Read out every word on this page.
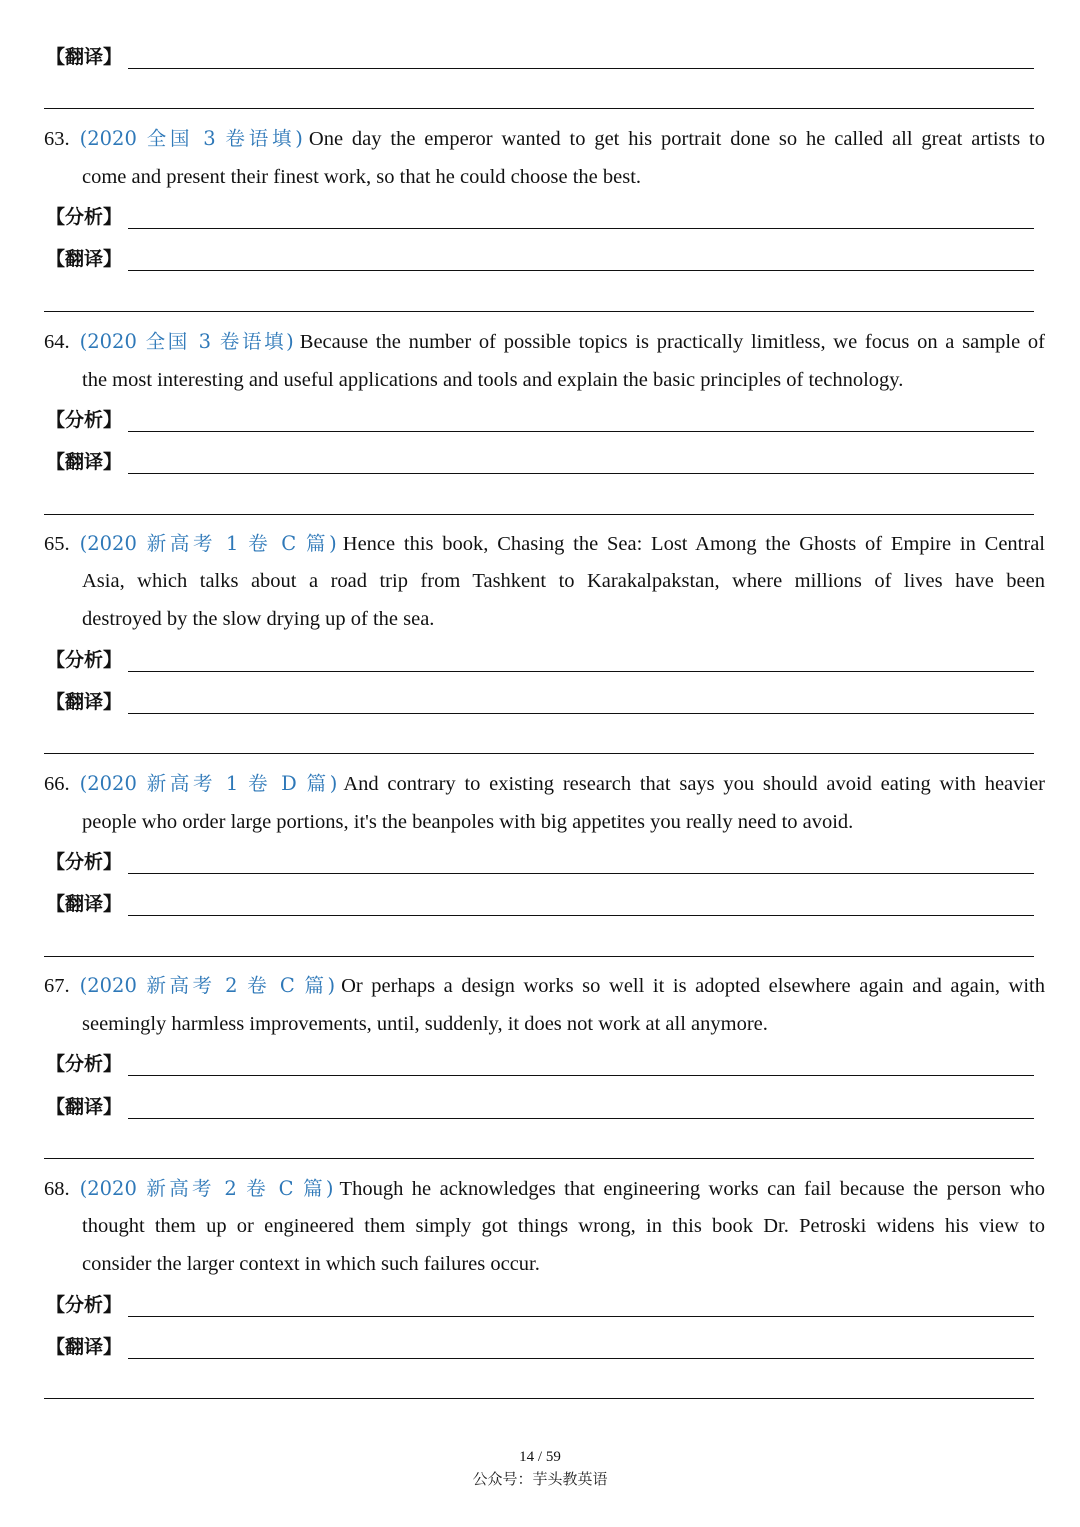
【翻译】
63. (2020 全国 3 卷语填) One day the emperor wanted to get his portrait done so he called all great artists to
come and present their finest work, so that he could choose the best.
【分析】
【翻译】
64. (2020 全国 3 卷语填) Because the number of possible topics is practically limitless, we focus on a sample of
the most interesting and useful applications and tools and explain the basic principles of technology.
【分析】
【翻译】
65. (2020 新高考 1 卷 C 篇) Hence this book, Chasing the Sea: Lost Among the Ghosts of Empire in Central
Asia, which talks about a road trip from Tashkent to Karakalpakstan, where millions of lives have been
destroyed by the slow drying up of the sea.
【分析】
【翻译】
66. (2020 新高考 1 卷 D 篇) And contrary to existing research that says you should avoid eating with heavier
people who order large portions, it's the beanpoles with big appetites you really need to avoid.
【分析】
【翻译】
67. (2020 新高考 2 卷 C 篇) Or perhaps a design works so well it is adopted elsewhere again and again, with
seemingly harmless improvements, until, suddenly, it does not work at all anymore.
【分析】
【翻译】
68. (2020 新高考 2 卷 C 篇) Though he acknowledges that engineering works can fail because the person who
thought them up or engineered them simply got things wrong, in this book Dr. Petroski widens his view to
consider the larger context in which such failures occur.
【分析】
【翻译】
14 / 59
公众号：芋头教英语
